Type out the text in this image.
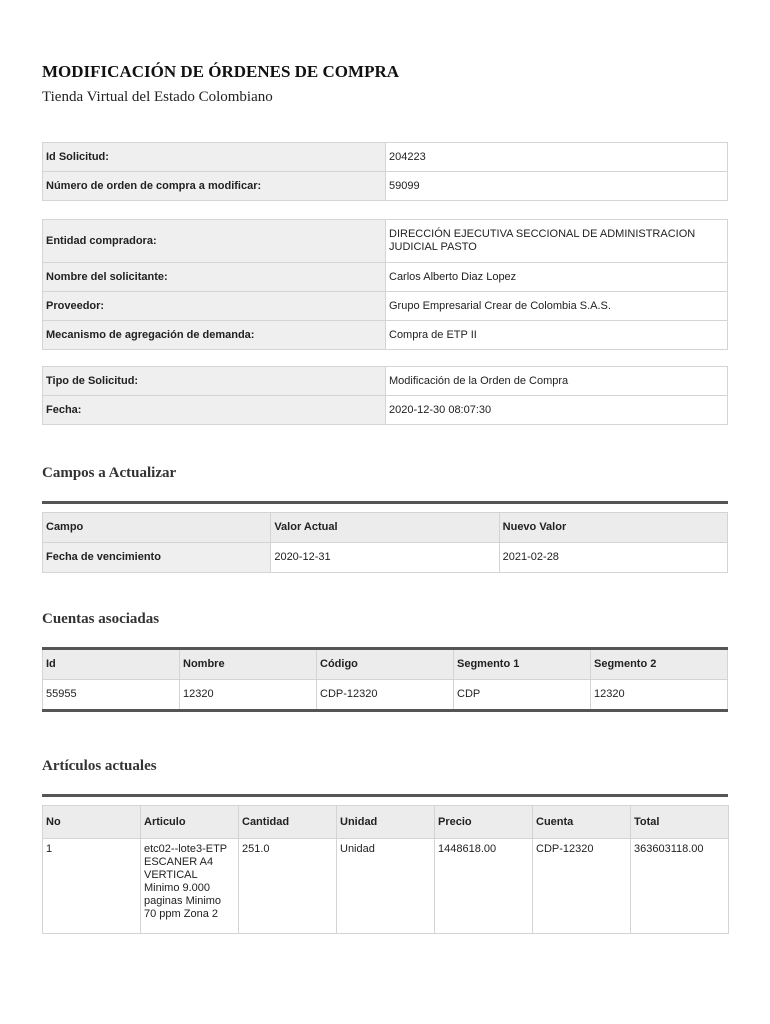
MODIFICACIÓN DE ÓRDENES DE COMPRA

Tienda Virtual del Estado Colombiano

Id Solicitud:	204223
Número de orden de compra a modificar:	59099
Entidad compradora:	DIRECCIÓN EJECUTIVA SECCIONAL DE ADMINISTRACION JUDICIAL PASTO
Nombre del solicitante:	Carlos Alberto Diaz Lopez
Proveedor:	Grupo Empresarial Crear de Colombia S.A.S.
Mecanismo de agregación de demanda:	Compra de ETP II
Tipo de Solicitud:	Modificación de la Orden de Compra
Fecha:	2020-12-30 08:07:30
Campos a Actualizar
Campo	Valor Actual	Nuevo Valor
Fecha de vencimiento	2020-12-31	2021-02-28
Cuentas asociadas
Id	Nombre	Código	Segmento 1	Segmento 2
55955	12320	CDP-12320	CDP	12320
Artículos actuales
No	Articulo	Cantidad	Unidad	Precio	Cuenta	Total
1	etc02--lote3-ETP ESCANER A4 VERTICAL Minimo 9.000 paginas Minimo 70 ppm Zona 2	251.0	Unidad	1448618.00	CDP-12320	363603118.00
